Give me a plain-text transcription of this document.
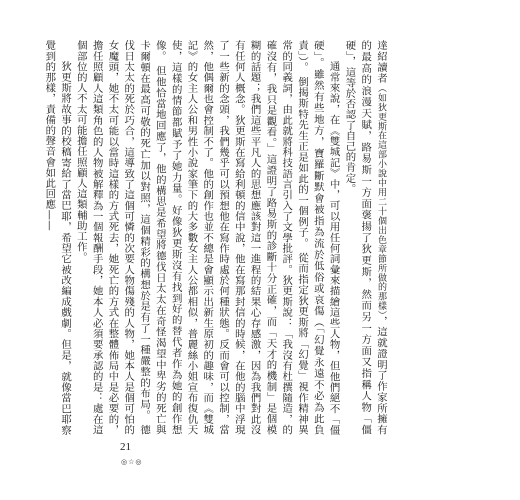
達紹讀者（如狄更斯在這部小說中用二十個出色章節所做的那樣），這就證明了作家所擁有的最高的浪漫天賦，路易斯一方面褒揚了狄更斯，然而另一方面又指稱人物「僵硬」，這等於否認了自己的肯定。

通常來說，在《雙城記》中，可以用任何詞彙來描繪這些人物，但他們絕不「僵硬」。雖然有些地方，寶羅斷默會被指為流於低俗或哀傷（「幻覺永遠不必為此負責」）。 倒揭斯特先生正是如此的一個例子。 從而指定狄更斯將「幻覺」視作精神異常的同義詞，由此就將科技語言引入了文學批評。狄更斯說：「我沒有杜撰隨造，的確沒有，我只是觀看。」這證明了路易斯的診斷十分正確，而「天才的機制」是個模糊的話題；我們這些平凡人的思想應該對這一進程的結果心存感激，因為我們對此沒有任何人概念。狄更斯在寫給利頓的信中說，他在寫那封信的時候，在他的腦中浮現了一些新的念頭，我們幾乎可以預想他在寫作時處於何種狀態。反而會可以控制，當然，他偶爾也會控制不了。他的創作也並不總是會顯示出新生原初的趣味，而《雙城記》的女主人公和男性小說家筆下的大多數女主人公都相似，普麗絲小姐宣布復仇天使，這樣的情節都賦予了她力量。好像狄更斯沒有找到好的替代者作為她的創作想像。 但他恰當地回應了，他的構思是希望將德伐日太太在奇怪渴望中卑劣的死亡與卡爾頓在最高可敬的死亡加以對照，這個精彩的構想於是有了一種嚴整的布局。 德伐日太太的死於巧合，這導致了這個可憐的次要人物傷殘的人物，她本人是個可怕的女魔頭，她不太可能以當時這樣的方式死去，她死亡的方式在整體佈局中是必要的，擔任照顧人這類角色的人物被解釋為一個報酬手段，她本人必須要承認的是：處在這個部位的人不太可能擔任照顧人這類輔助工作。

狄更斯將故事的校稿寄給了當巴耶，希望它被改編成戲劇。但是，就像當巴耶察覺到的那樣，責備的聲音會如此回應——

21
◎☆◎
